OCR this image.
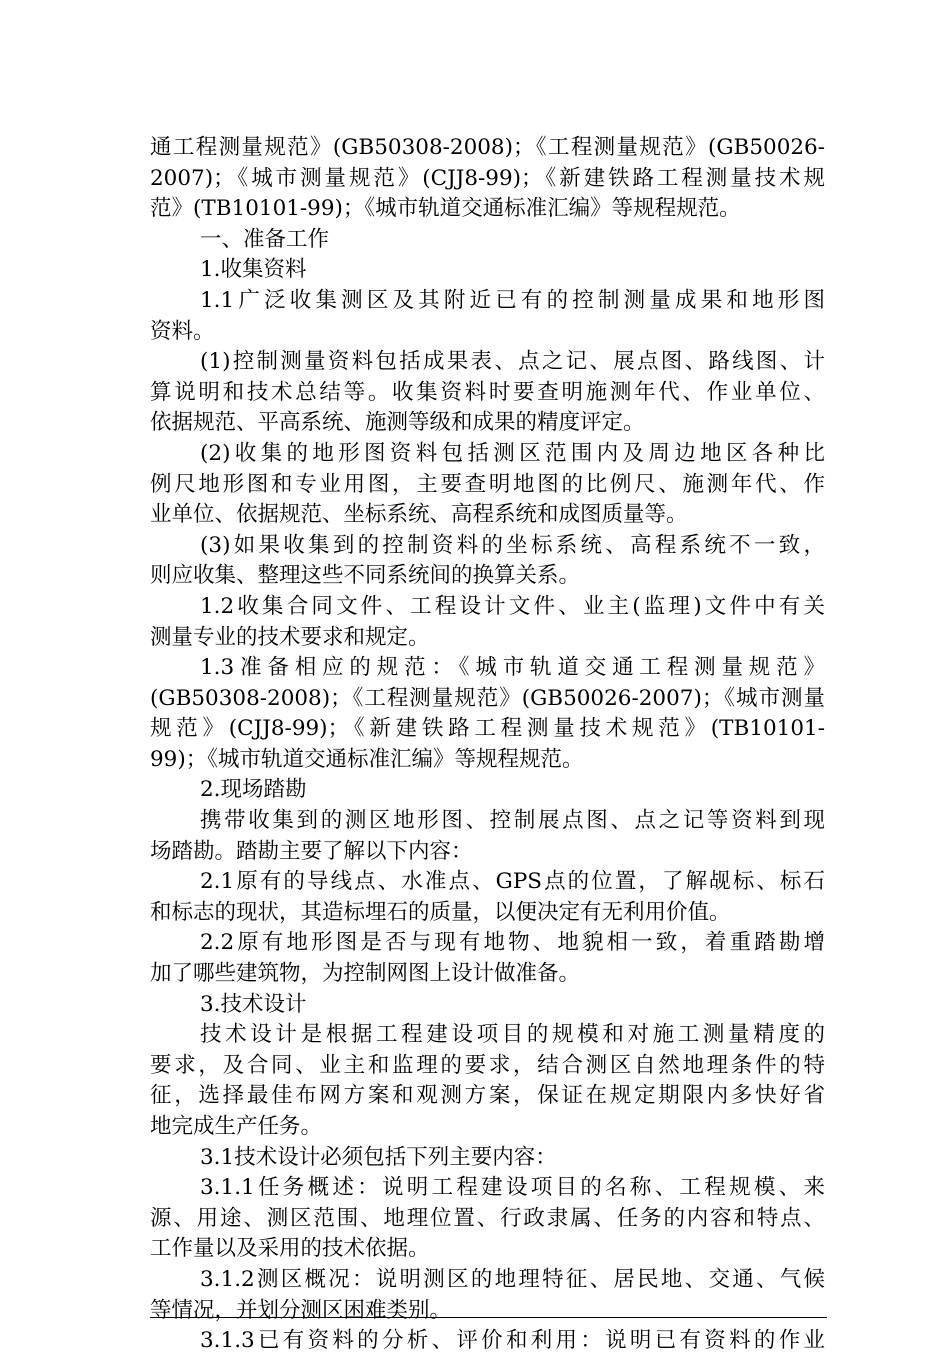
通工程测量规范》(GB50308-2008)；《工程测量规范》(GB50026-
2007)；《城市测量规范》(CJJ8-99)；《新建铁路工程测量技术规
范》(TB10101-99)；《城市轨道交通标准汇编》等规程规范。
一、准备工作
1.收集资料
1.1广泛收集测区及其附近已有的控制测量成果和地形图
资料。
(1)控制测量资料包括成果表、点之记、展点图、路线图、计
算说明和技术总结等。收集资料时要查明施测年代、作业单位、
依据规范、平高系统、施测等级和成果的精度评定。
(2)收集的地形图资料包括测区范围内及周边地区各种比
例尺地形图和专业用图，主要查明地图的比例尺、施测年代、作
业单位、依据规范、坐标系统、高程系统和成图质量等。
(3)如果收集到的控制资料的坐标系统、高程系统不一致，
则应收集、整理这些不同系统间的换算关系。
1.2收集合同文件、工程设计文件、业主(监理)文件中有关
测量专业的技术要求和规定。
1.3准备相应的规范：《城市轨道交通工程测量规范》
(GB50308-2008)；《工程测量规范》(GB50026-2007)；《城市测量
规范》(CJJ8-99)；《新建铁路工程测量技术规范》(TB10101-
99)；《城市轨道交通标准汇编》等规程规范。
2.现场踏勘
携带收集到的测区地形图、控制展点图、点之记等资料到现
场踏勘。踏勘主要了解以下内容：
2.1原有的导线点、水准点、GPS点的位置，了解觇标、标石
和标志的现状，其造标埋石的质量，以便决定有无利用价值。
2.2原有地形图是否与现有地物、地貌相一致，着重踏勘增
加了哪些建筑物，为控制网图上设计做准备。
3.技术设计
技术设计是根据工程建设项目的规模和对施工测量精度的
要求，及合同、业主和监理的要求，结合测区自然地理条件的特
征，选择最佳布网方案和观测方案，保证在规定期限内多快好省
地完成生产任务。
3.1技术设计必须包括下列主要内容：
3.1.1任务概述：说明工程建设项目的名称、工程规模、来
源、用途、测区范围、地理位置、行政隶属、任务的内容和特点、
工作量以及采用的技术依据。
3.1.2测区概况：说明测区的地理特征、居民地、交通、气候
等情况，并划分测区困难类别。
3.1.3已有资料的分析、评价和利用：说明已有资料的作业
